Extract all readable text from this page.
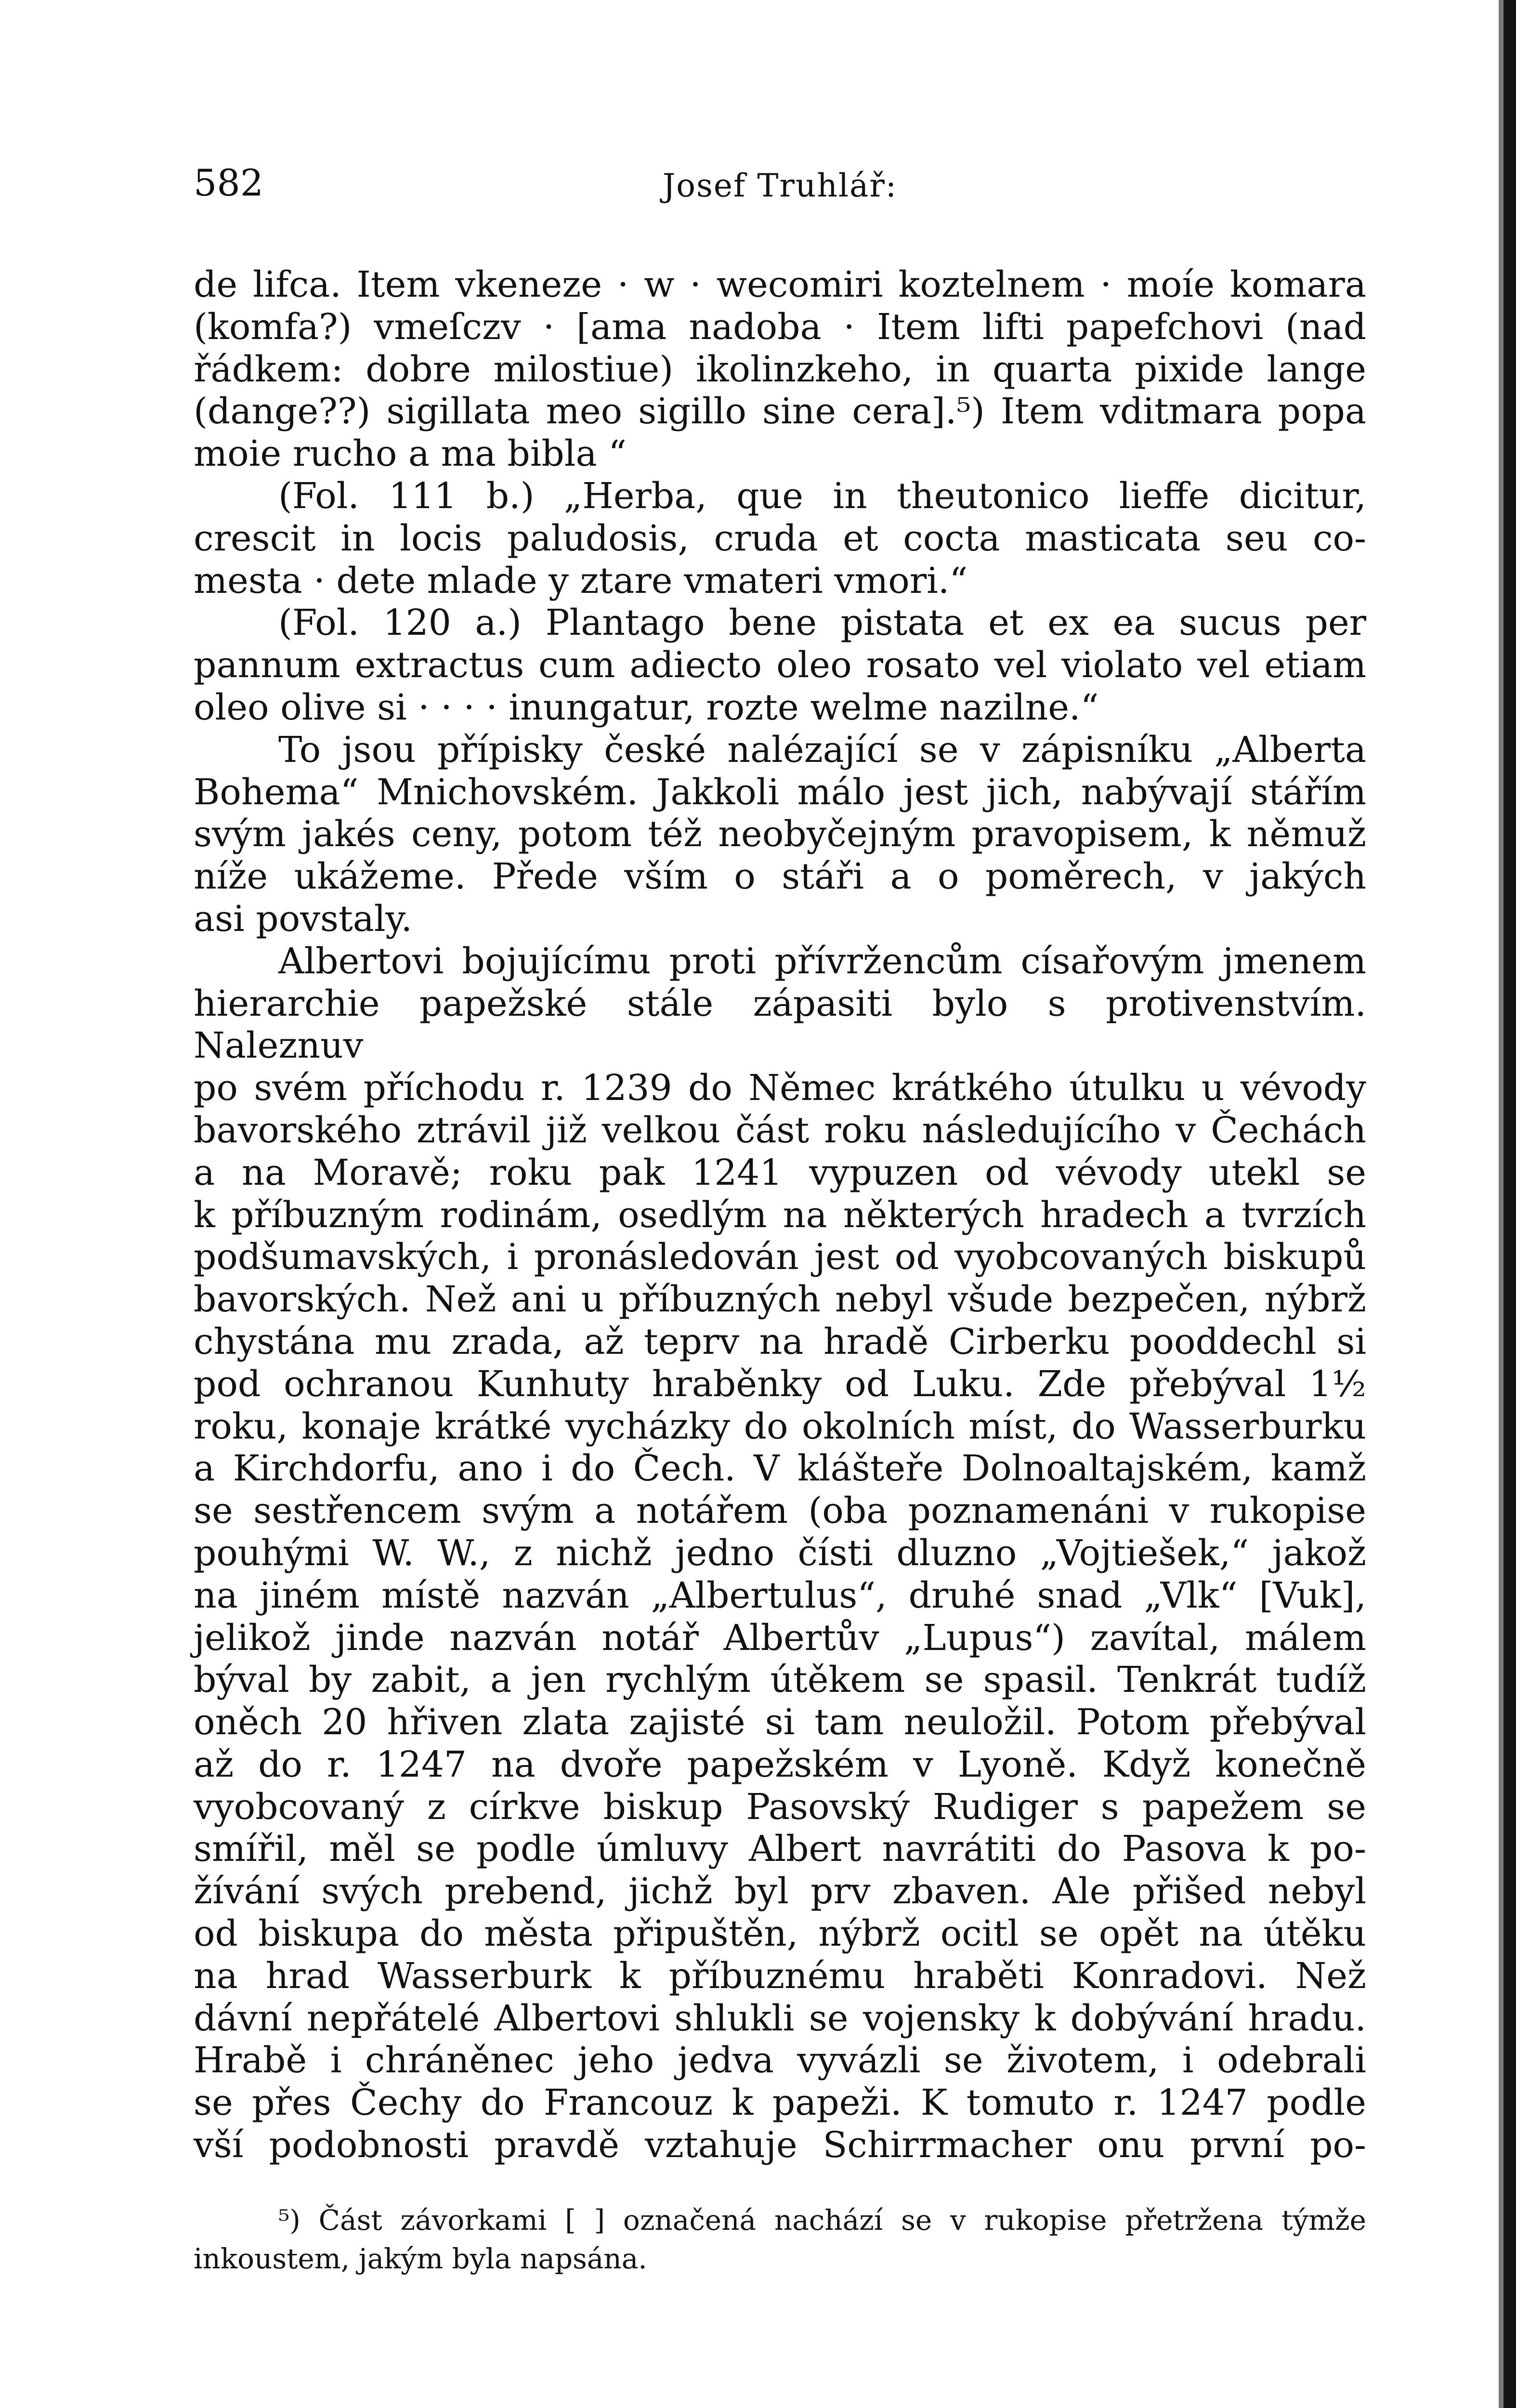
582	Josef Truhlář:

de lifca. Item vkeneze · w · wecomiri koztelnem · moíe komara

(komfa?) vmeſczv · [ama nadoba · Item lifti papefchovi (nad

řádkem: dobre milostiue) ikolinzkeho, in quarta pixide lange

(dange??) sigillata meo sigillo sine cera].⁵) Item vditmara popa

moie rucho a ma bibla “

(Fol. 111 b.) „Herba, que in theutonico lieffe dicitur,

crescit in locis paludosis, cruda et cocta masticata seu co-

mesta · dete mlade y ztare vmateri vmori.“

(Fol. 120 a.) Plantago bene pistata et ex ea sucus per

pannum extractus cum adiecto oleo rosato vel violato vel etiam

oleo olive si · · · · inungatur, rozte welme nazilne.“

To jsou přípisky české nalézající se v zápisníku „Alberta

Bohema“ Mnichovském. Jakkoli málo jest jich, nabývají stářím

svým jakés ceny, potom též neobyčejným pravopisem, k němuž

níže ukážeme. Přede vším o stáři a o poměrech, v jakých

asi povstaly.

Albertovi bojujícímu proti přívržencům císařovým jmenem

hierarchie papežské stále zápasiti bylo s protivenstvím. Naleznuv

po svém příchodu r. 1239 do Němec krátkého útulku u vévody

bavorského ztrávil již velkou část roku následujícího v Čechách

a na Moravě; roku pak 1241 vypuzen od vévody utekl se

k příbuzným rodinám, osedlým na některých hradech a tvrzích

podšumavských, i pronásledován jest od vyobcovaných biskupů

bavorských. Než ani u příbuzných nebyl všude bezpečen, nýbrž

chystána mu zrada, až teprv na hradě Cirberku pooddechl si

pod ochranou Kunhuty hraběnky od Luku. Zde přebýval 1½

roku, konaje krátké vycházky do okolních míst, do Wasserburku

a Kirchdorfu, ano i do Čech. V klášteře Dolnoaltajském, kamž

se sestřencem svým a notářem (oba poznamenáni v rukopise

pouhými W. W., z nichž jedno čísti dluzno „Vojtiešek,“ jakož

na jiném místě nazván „Albertulus“, druhé snad „Vlk“ [Vuk],

jelikož jinde nazván notář Albertův „Lupus“) zavítal, málem

býval by zabit, a jen rychlým útěkem se spasil. Tenkrát tudíž

oněch 20 hřiven zlata zajisté si tam neuložil. Potom přebýval

až do r. 1247 na dvoře papežském v Lyoně. Když konečně

vyobcovaný z církve biskup Pasovský Rudiger s papežem se

smířil, měl se podle úmluvy Albert navrátiti do Pasova k po-

žívání svých prebend, jichž byl prv zbaven. Ale přišed nebyl

od biskupa do města připuštěn, nýbrž ocitl se opět na útěku

na hrad Wasserburk k příbuznému hraběti Konradovi. Než

dávní nepřátelé Albertovi shlukli se vojensky k dobývání hradu.

Hrabě i chráněnec jeho jedva vyvázli se životem, i odebrali

se přes Čechy do Francouz k papeži. K tomuto r. 1247 podle

vší podobnosti pravdě vztahuje Schirrmacher onu první po-

⁵) Část závorkami [ ] označená nachází se v rukopise přetržena týmže

inkoustem, jakým byla napsána.
